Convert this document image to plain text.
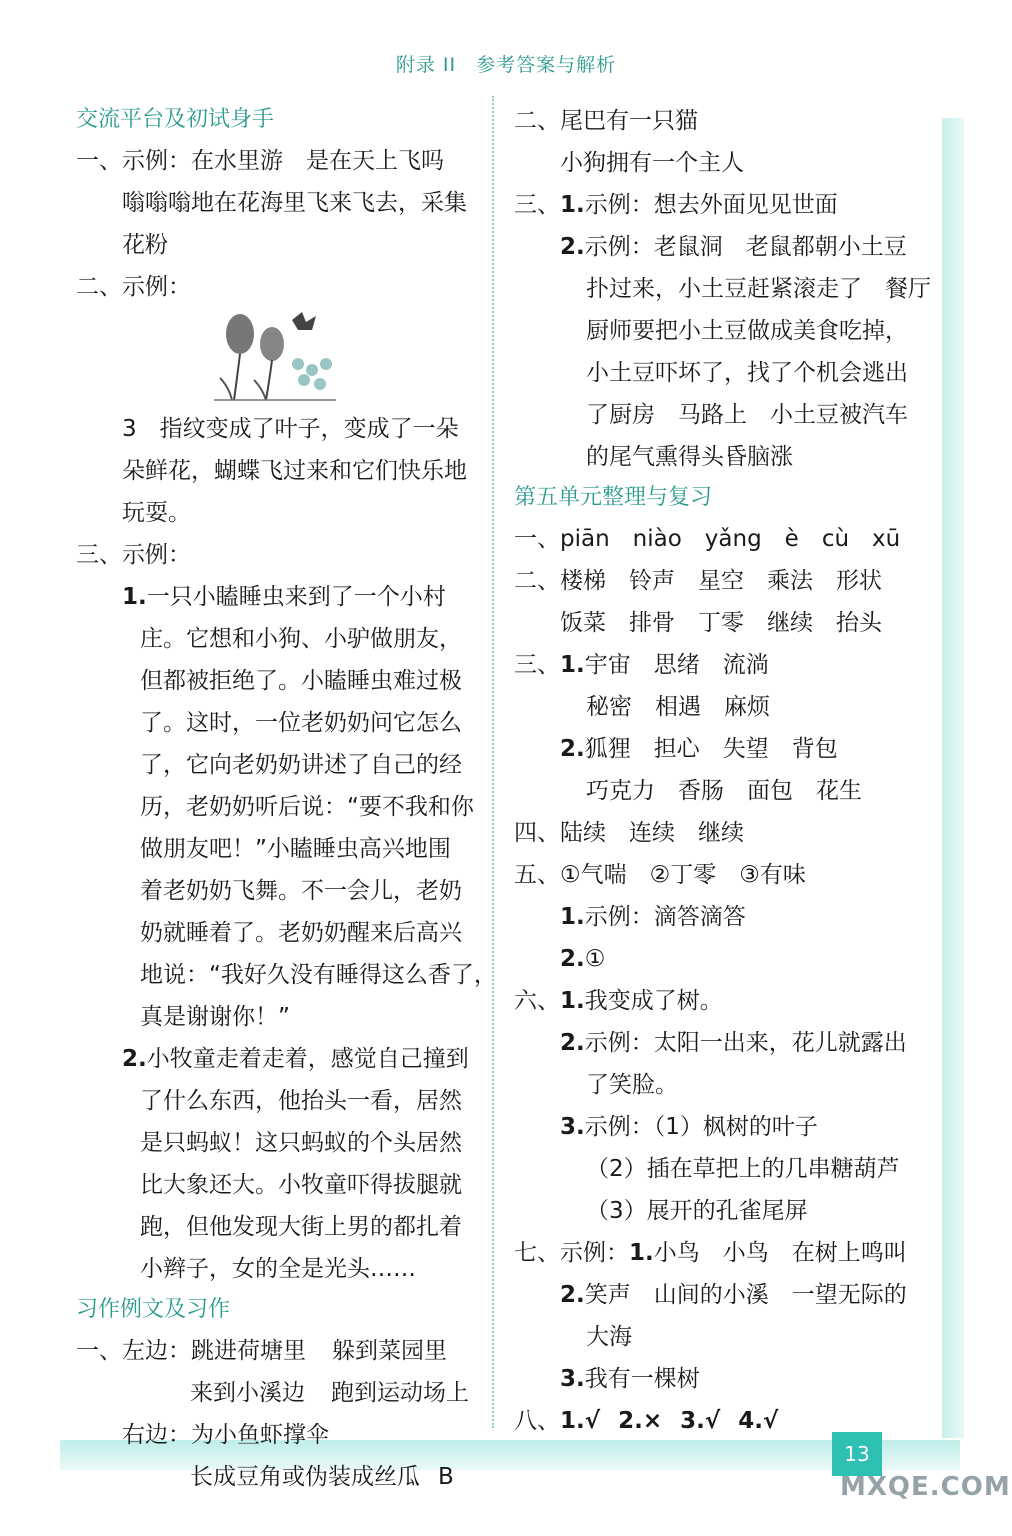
附录 II　参考答案与解析
交流平台及初试身手
一、示例：在水里游　是在天上飞吗
嗡嗡嗡地在花海里飞来飞去，采集
花粉
二、示例：
3　指纹变成了叶子，变成了一朵
朵鲜花，蝴蝶飞过来和它们快乐地
玩耍。
三、示例：
1.一只小瞌睡虫来到了一个小村
庄。它想和小狗、小驴做朋友，
但都被拒绝了。小瞌睡虫难过极
了。这时，一位老奶奶问它怎么
了，它向老奶奶讲述了自己的经
历，老奶奶听后说：“要不我和你
做朋友吧！”小瞌睡虫高兴地围
着老奶奶飞舞。不一会儿，老奶
奶就睡着了。老奶奶醒来后高兴
地说：“我好久没有睡得这么香了，
真是谢谢你！”
2.小牧童走着走着，感觉自己撞到
了什么东西，他抬头一看，居然
是只蚂蚁！这只蚂蚁的个头居然
比大象还大。小牧童吓得拔腿就
跑，但他发现大街上男的都扎着
小辫子，女的全是光头……
习作例文及习作
一、左边：跳进荷塘里 躲到菜园里
来到小溪边 跑到运动场上
右边：为小鱼虾撑伞
长成豆角或伪装成丝瓜 B
二、尾巴有一只猫
小狗拥有一个主人
三、1.示例：想去外面见见世面
2.示例：老鼠洞　老鼠都朝小土豆
扑过来，小土豆赶紧滚走了　餐厅
厨师要把小土豆做成美食吃掉，
小土豆吓坏了，找了个机会逃出
了厨房　马路上　小土豆被汽车
的尾气熏得头昏脑涨
第五单元整理与复习
一、piān　niào　yǎng　è　cù　xū
二、楼梯　铃声　星空　乘法　形状
饭菜　排骨　丁零　继续　抬头
三、1.宇宙　思绪　流淌
秘密　相遇　麻烦
2.狐狸　担心　失望　背包
巧克力　香肠　面包　花生
四、陆续　连续　继续
五、①气喘　②丁零　③有味
1.示例：滴答滴答
2.①
六、1.我变成了树。
2.示例：太阳一出来，花儿就露出
了笑脸。
3.示例：（1）枫树的叶子
（2）插在草把上的几串糖葫芦
（3）展开的孔雀尾屏
七、示例：1.小鸟　小鸟　在树上鸣叫
2.笑声　山间的小溪　一望无际的
大海
3.我有一棵树
八、1.√ 2.× 3.√ 4.√
13
MXQE.COM
